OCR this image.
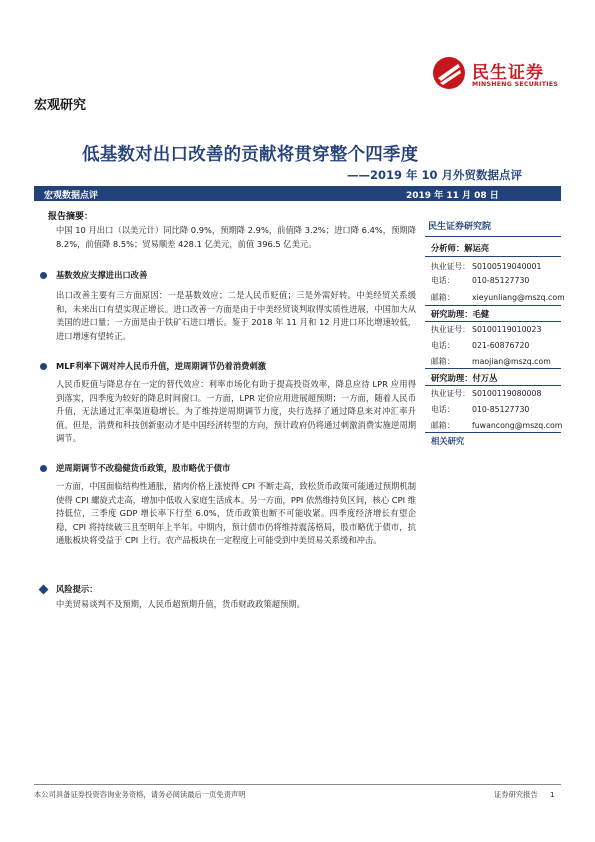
民生证券
MINSHENG SECURITIES
宏观研究
低基数对出口改善的贡献将贯穿整个四季度
——2019 年 10 月外贸数据点评
宏观数据点评	2019 年 11 月 08 日
报告摘要：
中国 10 月出口（以美元计）同比降 0.9%，预期降 2.9%，前值降 3.2%；进口降 6.4%，预期降 8.2%，前值降 8.5%；贸易顺差 428.1 亿美元，前值 396.5 亿美元。
基数效应支撑进出口改善
出口改善主要有三方面原因：一是基数效应；二是人民币贬值；三是外需好转。中美经贸关系缓和，未来出口有望实现正增长。进口改善一方面是由于中美经贸谈判取得实质性进展，中国加大从美国的进口量；一方面是由于铁矿石进口增长。鉴于 2018 年 11 月和 12 月进口环比增速较低，进口增速有望转正。
MLF利率下调对冲人民币升值，逆周期调节仍着消费刺激
人民币贬值与降息存在一定的替代效应：利率市场化有助于提高投资效率，降息应待 LPR 应用得到落实，四季度为较好的降息时间窗口。一方面，LPR 定价应用进展超预期；一方面，随着人民币升值，无法通过汇率渠道稳增长。为了维持逆周期调节力度，央行选择了通过降息来对冲汇率升值。但是，消费和科技创新驱动才是中国经济转型的方向，预计政府仍将通过刺激消费实施逆周期调节。
逆周期调节不改稳健货币政策，股市略优于债市
一方面，中国面临结构性通胀，猪肉价格上涨使得 CPI 不断走高，致松货币政策可能通过预期机制使得 CPI 螺旋式走高，增加中低收入家庭生活成本。另一方面，PPI 依然维持负区间，核心 CPI 维持低位，三季度 GDP 增长率下行至 6.0%，货币政策也断不可能收紧。四季度经济增长有望企稳，CPI 将持续破三且至明年上半年。中期内，预计债市仍将维持震荡格局，股市略优于债市，抗通胀板块将受益于 CPI 上行。农产品板块在一定程度上可能受到中美贸易关系缓和冲击。
风险提示：
中美贸易谈判不及预期，人民币超预期升值，货币财政政策超预期。
民生证券研究院
分析师：解运亮
执业证号： S0100519040001
电话： 010-85127730
邮箱： xieyunliang@mszq.com
研究助理：毛健
执业证号： S0100119010023
电话： 021-60876720
邮箱： maojian@mszq.com
研究助理：付万丛
执业证号： S0100119080008
电话： 010-85127730
邮箱： fuwancong@mszq.com
相关研究
本公司具备证券投资咨询业务资格，请务必阅读最后一页免责声明	证券研究报告 1
